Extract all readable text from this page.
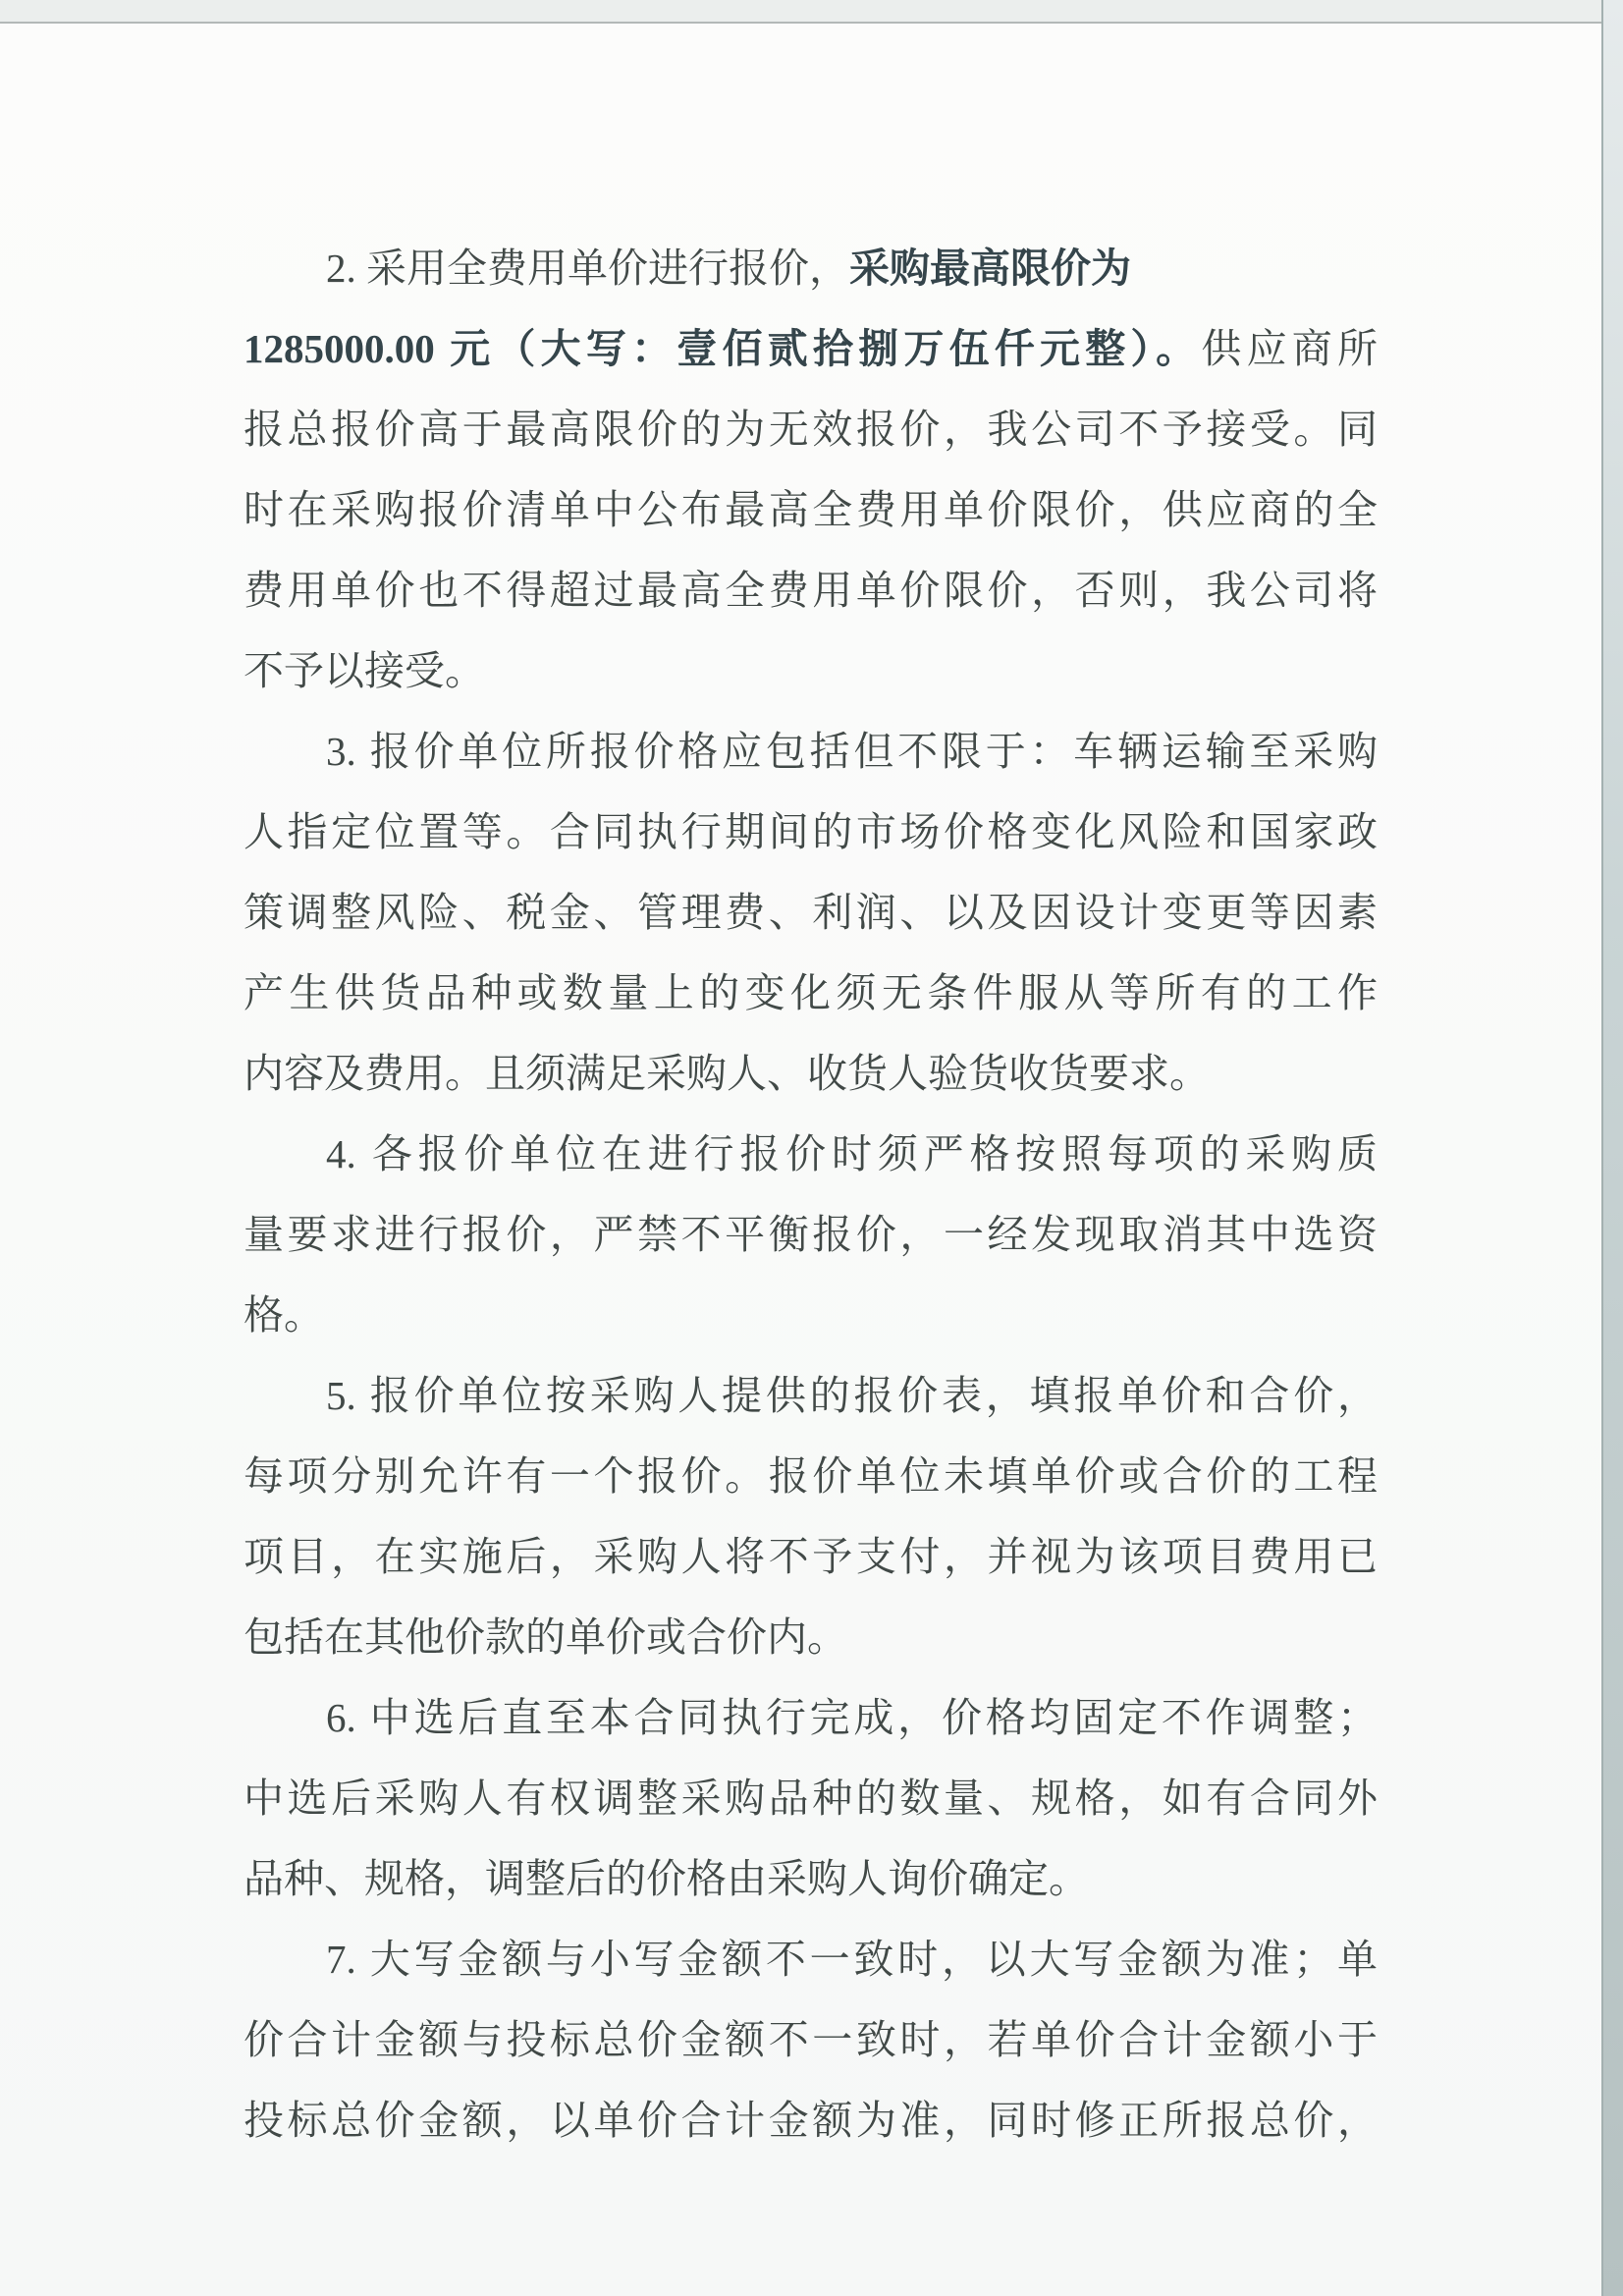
2. 采用全费用单价进行报价，采购最高限价为
1285000.00 元（大写：壹佰贰拾捌万伍仟元整）。供应商所
报总报价高于最高限价的为无效报价，我公司不予接受。同
时在采购报价清单中公布最高全费用单价限价，供应商的全
费用单价也不得超过最高全费用单价限价，否则，我公司将
不予以接受。
3. 报价单位所报价格应包括但不限于：车辆运输至采购
人指定位置等。合同执行期间的市场价格变化风险和国家政
策调整风险、税金、管理费、利润、以及因设计变更等因素
产生供货品种或数量上的变化须无条件服从等所有的工作
内容及费用。且须满足采购人、收货人验货收货要求。
4. 各报价单位在进行报价时须严格按照每项的采购质
量要求进行报价，严禁不平衡报价，一经发现取消其中选资
格。
5. 报价单位按采购人提供的报价表，填报单价和合价，
每项分别允许有一个报价。报价单位未填单价或合价的工程
项目，在实施后，采购人将不予支付，并视为该项目费用已
包括在其他价款的单价或合价内。
6. 中选后直至本合同执行完成，价格均固定不作调整；
中选后采购人有权调整采购品种的数量、规格，如有合同外
品种、规格，调整后的价格由采购人询价确定。
7. 大写金额与小写金额不一致时，以大写金额为准；单
价合计金额与投标总价金额不一致时，若单价合计金额小于
投标总价金额，以单价合计金额为准，同时修正所报总价，
